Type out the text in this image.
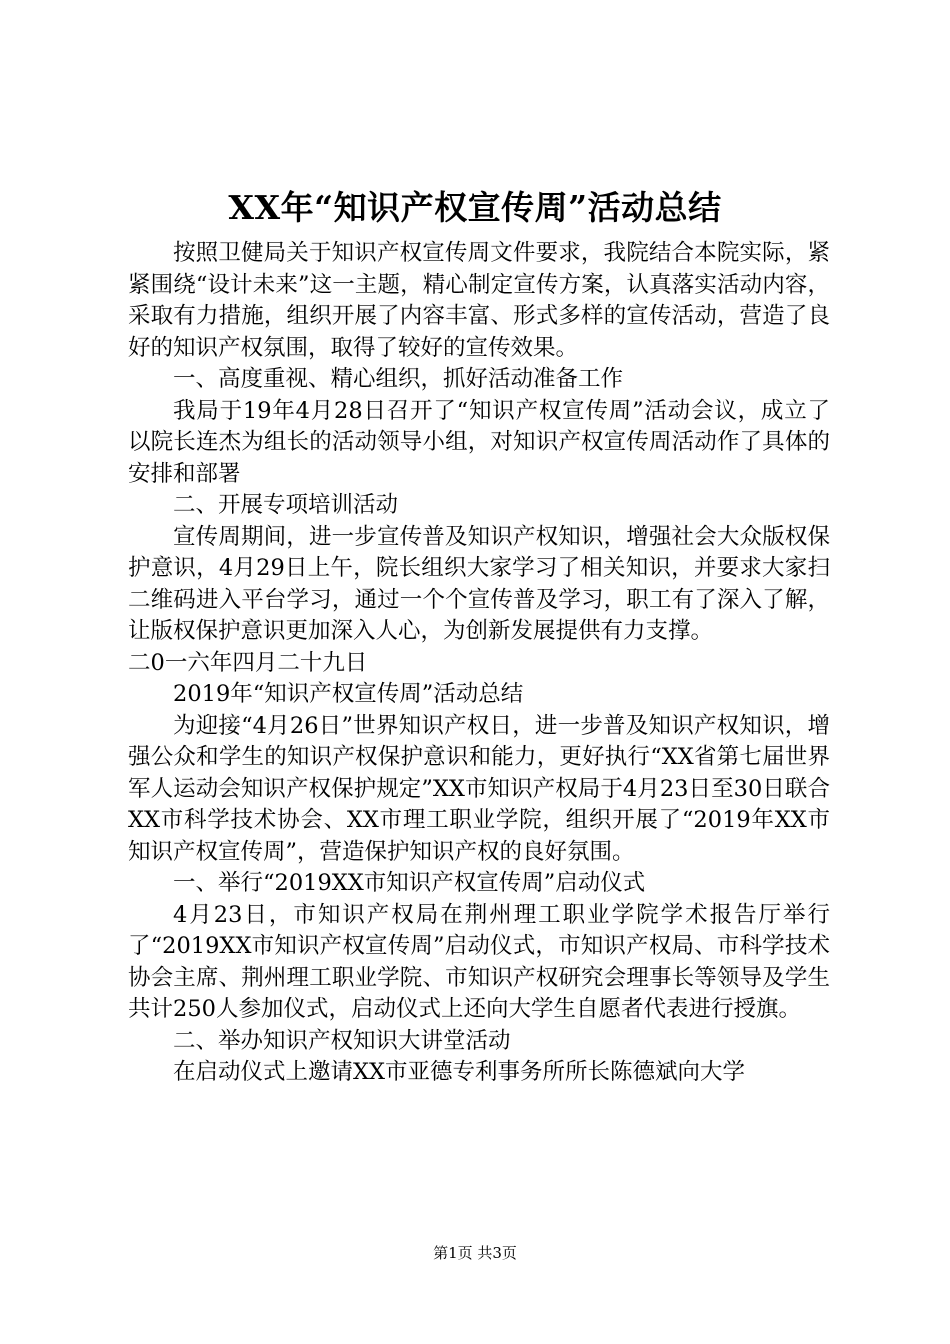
XX年“知识产权宣传周”活动总结

按照卫健局关于知识产权宣传周文件要求，我院结合本院实际，紧紧围绕“设计未来”这一主题，精心制定宣传方案，认真落实活动内容，采取有力措施，组织开展了内容丰富、形式多样的宣传活动，营造了良好的知识产权氛围，取得了较好的宣传效果。

一、高度重视、精心组织，抓好活动准备工作

我局于19年4月28日召开了“知识产权宣传周”活动会议，成立了以院长连杰为组长的活动领导小组，对知识产权宣传周活动作了具体的安排和部署

二、开展专项培训活动

宣传周期间，进一步宣传普及知识产权知识，增强社会大众版权保护意识，4月29日上午，院长组织大家学习了相关知识，并要求大家扫二维码进入平台学习，通过一个个宣传普及学习，职工有了深入了解，让版权保护意识更加深入人心，为创新发展提供有力支撑。

二0一六年四月二十九日

2019年“知识产权宣传周”活动总结

为迎接“4月26日”世界知识产权日，进一步普及知识产权知识，增强公众和学生的知识产权保护意识和能力，更好执行“XX省第七届世界军人运动会知识产权保护规定”XX市知识产权局于4月23日至30日联合XX市科学技术协会、XX市理工职业学院，组织开展了“2019年XX市知识产权宣传周”，营造保护知识产权的良好氛围。

一、举行“2019XX市知识产权宣传周”启动仪式

4月23日，市知识产权局在荆州理工职业学院学术报告厅举行了“2019XX市知识产权宣传周”启动仪式，市知识产权局、市科学技术协会主席、荆州理工职业学院、市知识产权研究会理事长等领导及学生共计250人参加仪式，启动仪式上还向大学生自愿者代表进行授旗。

二、举办知识产权知识大讲堂活动

在启动仪式上邀请XX市亚德专利事务所所长陈德斌向大学

第1页 共3页
